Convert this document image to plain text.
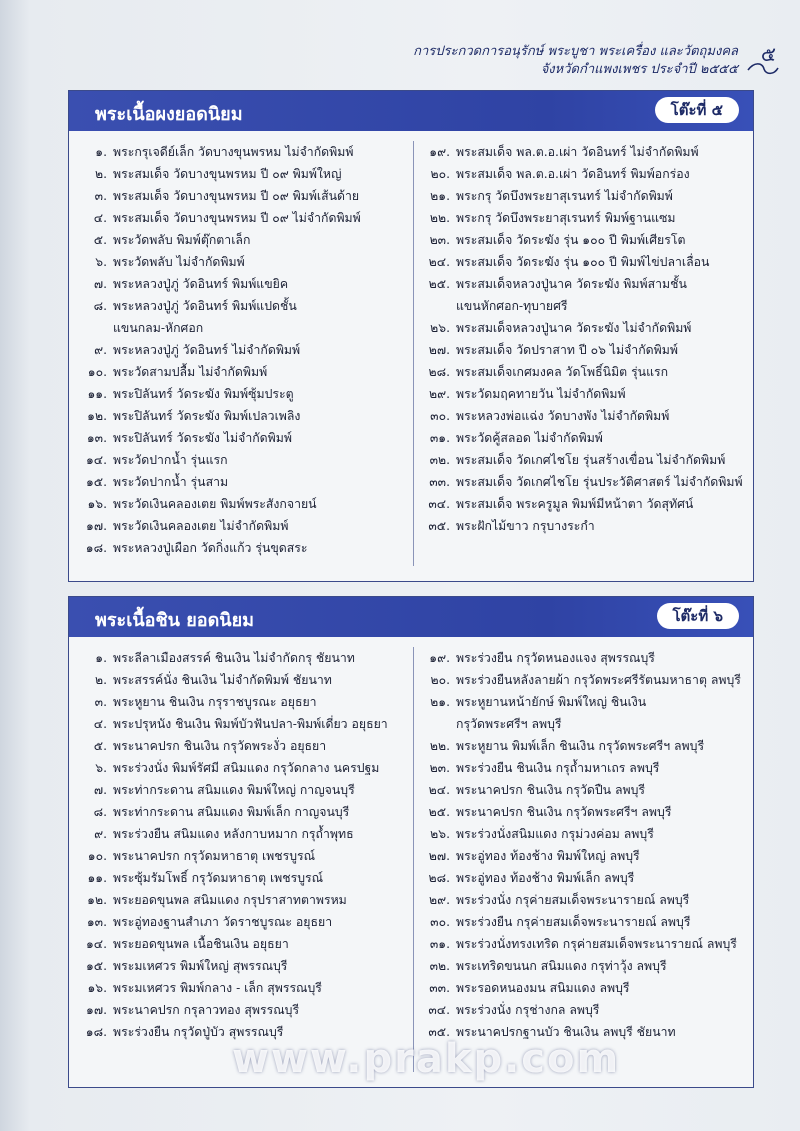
การประกวดการอนุรักษ์ พระบูชา พระเครื่อง และวัตถุมงคล
จังหวัดกำแพงเพชร ประจำปี ๒๕๕๕
๕
พระเนื้อผงยอดนิยม	โต๊ะที่ ๕
๑. พระกรุเจดีย์เล็ก วัดบางขุนพรหม ไม่จำกัดพิมพ์
๒. พระสมเด็จ วัดบางขุนพรหม ปี ๐๙ พิมพ์ใหญ่
๓. พระสมเด็จ วัดบางขุนพรหม ปี ๐๙ พิมพ์เส้นด้าย
๔. พระสมเด็จ วัดบางขุนพรหม ปี ๐๙ ไม่จำกัดพิมพ์
๕. พระวัดพลับ พิมพ์ตุ๊กตาเล็ก
๖. พระวัดพลับ ไม่จำกัดพิมพ์
๗. พระหลวงปู่ภู่ วัดอินทร์ พิมพ์แขยิค
๘. พระหลวงปู่ภู่ วัดอินทร์ พิมพ์แปดชั้น
แขนกลม-หักศอก
๙. พระหลวงปู่ภู่ วัดอินทร์ ไม่จำกัดพิมพ์
๑๐. พระวัดสามปลื้ม ไม่จำกัดพิมพ์
๑๑. พระปิลันทร์ วัดระฆัง พิมพ์ซุ้มประตู
๑๒. พระปิลันทร์ วัดระฆัง พิมพ์เปลวเพลิง
๑๓. พระปิลันทร์ วัดระฆัง ไม่จำกัดพิมพ์
๑๔. พระวัดปากน้ำ รุ่นแรก
๑๕. พระวัดปากน้ำ รุ่นสาม
๑๖. พระวัดเงินคลองเตย พิมพ์พระสังกจายน์
๑๗. พระวัดเงินคลองเตย ไม่จำกัดพิมพ์
๑๘. พระหลวงปู่เผือก วัดกิ่งแก้ว รุ่นขุดสระ
๑๙. พระสมเด็จ พล.ต.อ.เผ่า วัดอินทร์ ไม่จำกัดพิมพ์
๒๐. พระสมเด็จ พล.ต.อ.เผ่า วัดอินทร์ พิมพ์อกร่อง
๒๑. พระกรุ วัดบึงพระยาสุเรนทร์ ไม่จำกัดพิมพ์
๒๒. พระกรุ วัดบึงพระยาสุเรนทร์ พิมพ์ฐานแซม
๒๓. พระสมเด็จ วัดระฆัง รุ่น ๑๐๐ ปี พิมพ์เศียรโต
๒๔. พระสมเด็จ วัดระฆัง รุ่น ๑๐๐ ปี พิมพ์ไข่ปลาเลื่อน
๒๕. พระสมเด็จหลวงปู่นาค วัดระฆัง พิมพ์สามชั้น
แขนหักศอก-ทุบายศรี
๒๖. พระสมเด็จหลวงปู่นาค วัดระฆัง ไม่จำกัดพิมพ์
๒๗. พระสมเด็จ วัดปราสาท ปี ๐๖ ไม่จำกัดพิมพ์
๒๘. พระสมเด็จเกศมงคล วัดโพธิ์นิมิต รุ่นแรก
๒๙. พระวัดมฤคทายวัน ไม่จำกัดพิมพ์
๓๐. พระหลวงพ่อแฉ่ง วัดบางพัง ไม่จำกัดพิมพ์
๓๑. พระวัดคู้สลอด ไม่จำกัดพิมพ์
๓๒. พระสมเด็จ วัดเกศไชโย รุ่นสร้างเขื่อน ไม่จำกัดพิมพ์
๓๓. พระสมเด็จ วัดเกศไชโย รุ่นประวัติศาสตร์ ไม่จำกัดพิมพ์
๓๔. พระสมเด็จ พระครูมูล พิมพ์มีหน้าตา วัดสุทัศน์
๓๕. พระฝักไม้ขาว กรุบางระกำ
พระเนื้อชิน ยอดนิยม	โต๊ะที่ ๖
๑. พระลีลาเมืองสรรค์ ชินเงิน ไม่จำกัดกรุ ชัยนาท
๒. พระสรรค์นั่ง ชินเงิน ไม่จำกัดพิมพ์ ชัยนาท
๓. พระหูยาน ชินเงิน กรุราชบูรณะ อยุธยา
๔. พระปรุหนัง ชินเงิน พิมพ์บัวฟันปลา-พิมพ์เดี่ยว อยุธยา
๕. พระนาคปรก ชินเงิน กรุวัดพระงั่ว อยุธยา
๖. พระร่วงนั่ง พิมพ์รัศมี สนิมแดง กรุวัดกลาง นครปฐม
๗. พระท่ากระดาน สนิมแดง พิมพ์ใหญ่ กาญจนบุรี
๘. พระท่ากระดาน สนิมแดง พิมพ์เล็ก กาญจนบุรี
๙. พระร่วงยืน สนิมแดง หลังกาบหมาก กรุถ้ำพุทธ
๑๐. พระนาคปรก กรุวัดมหาธาตุ เพชรบูรณ์
๑๑. พระซุ้มรัมโพธิ์ กรุวัดมหาธาตุ เพชรบูรณ์
๑๒. พระยอดขุนพล สนิมแดง กรุปราสาทตาพรหม
๑๓. พระอู่ทองฐานสำเภา วัดราชบูรณะ อยุธยา
๑๔. พระยอดขุนพล เนื้อชินเงิน อยุธยา
๑๕. พระมเหศวร พิมพ์ใหญ่ สุพรรณบุรี
๑๖. พระมเหศวร พิมพ์กลาง - เล็ก สุพรรณบุรี
๑๗. พระนาคปรก กรุลาวทอง สุพรรณบุรี
๑๘. พระร่วงยืน กรุวัดปู่บัว สุพรรณบุรี
๑๙. พระร่วงยืน กรุวัดหนองแจง สุพรรณบุรี
๒๐. พระร่วงยืนหลังลายผ้า กรุวัดพระศรีรัตนมหาธาตุ ลพบุรี
๒๑. พระหูยานหน้ายักษ์ พิมพ์ใหญ่ ชินเงิน
กรุวัดพระศรีฯ ลพบุรี
๒๒. พระหูยาน พิมพ์เล็ก ชินเงิน กรุวัดพระศรีฯ ลพบุรี
๒๓. พระร่วงยืน ชินเงิน กรุถ้ำมหาเถร ลพบุรี
๒๔. พระนาคปรก ชินเงิน กรุวัดปืน ลพบุรี
๒๕. พระนาคปรก ชินเงิน กรุวัดพระศรีฯ ลพบุรี
๒๖. พระร่วงนั่งสนิมแดง กรุม่วงค่อม ลพบุรี
๒๗. พระอู่ทอง ท้องช้าง พิมพ์ใหญ่ ลพบุรี
๒๘. พระอู่ทอง ท้องช้าง พิมพ์เล็ก ลพบุรี
๒๙. พระร่วงนั่ง กรุค่ายสมเด็จพระนารายณ์ ลพบุรี
๓๐. พระร่วงยืน กรุค่ายสมเด็จพระนารายณ์ ลพบุรี
๓๑. พระร่วงนั่งทรงเทริด กรุค่ายสมเด็จพระนารายณ์ ลพบุรี
๓๒. พระเทริดขนนก สนิมแดง กรุท่าวุ้ง ลพบุรี
๓๓. พระรอดหนองมน สนิมแดง ลพบุรี
๓๔. พระร่วงนั่ง กรุช่างกล ลพบุรี
๓๕. พระนาคปรกฐานบัว ชินเงิน ลพบุรี ชัยนาท
www.prakp.com
